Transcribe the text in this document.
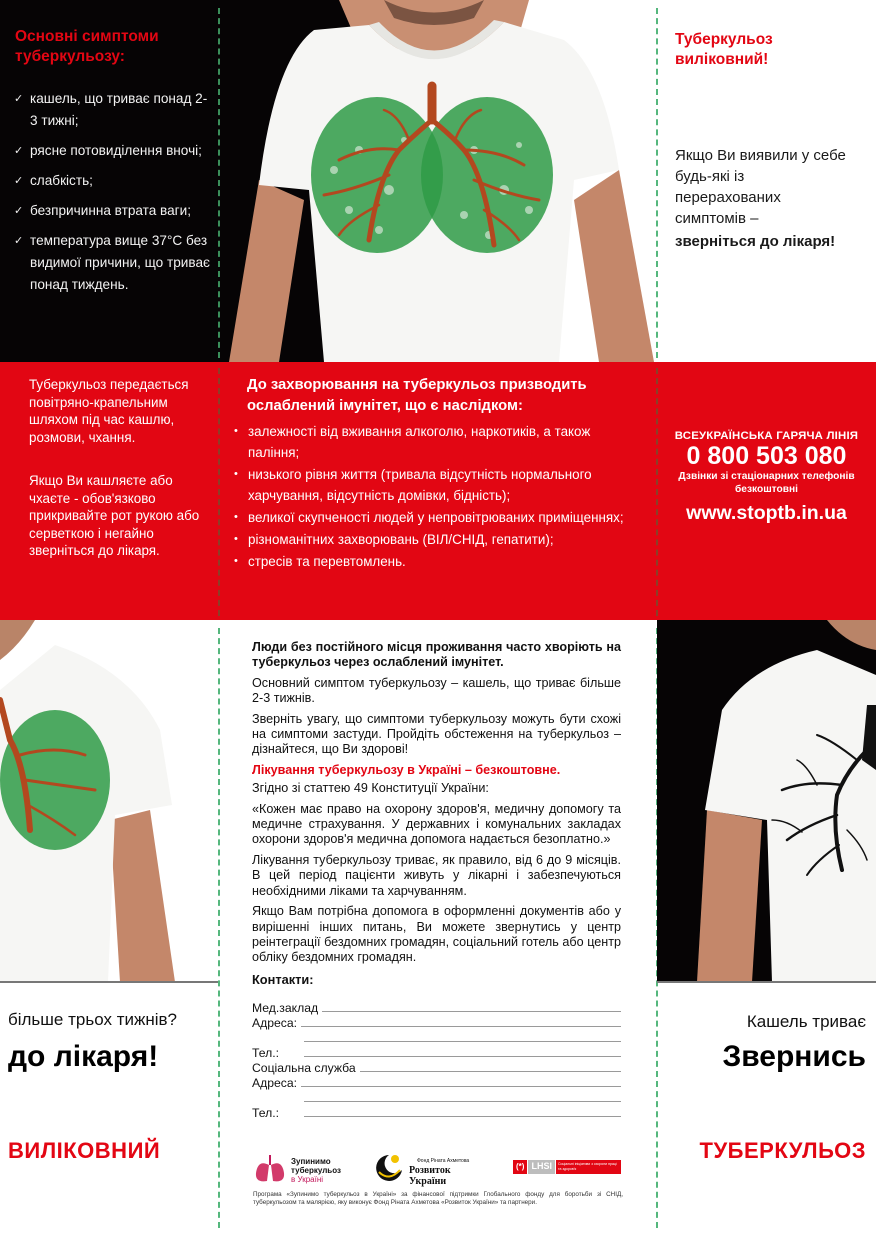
Основні симптоми туберкульозу:
✓ кашель, що триває понад 2-3 тижні;
✓ рясне потовиділення вночі;
✓ слабкість;
✓ безпричинна втрата ваги;
✓ температура вище 37°С без видимої причини, що триває понад тиждень.
Туберкульоз виліковний!
Якщо Ви виявили у себе будь-які із перерахованих симптомів –
зверніться до лікаря!
Туберкульоз передається повітряно-крапельним шляхом під час кашлю, розмови, чхання.
Якщо Ви кашляєте або чхаєте - обов'язково прикривайте рот рукою або серветкою і негайно зверніться до лікаря.
До захворювання на туберкульоз призводить ослаблений імунітет, що є наслідком:
• залежності від вживання алкоголю, наркотиків, а також паління;
• низького рівня життя (тривала відсутність нормального харчування, відсутність домівки, бідність);
• великої скупченості людей у непровітрюваних приміщеннях;
• різноманітних захворювань (ВІЛ/СНІД, гепатити);
• стресів та перевтомлень.
ВСЕУКРАЇНСЬКА ГАРЯЧА ЛІНІЯ
0 800 503 080
Дзвінки зі стаціонарних телефонів безкоштовні
www.stoptb.in.ua
більше трьох тижнів?
до лікаря!
ВИЛІКОВНИЙ

Люди без постійного місця проживання часто хворіють на туберкульоз через ослаблений імунітет.

Основний симптом туберкульозу – кашель, що триває більше 2-3 тижнів.

Зверніть увагу, що симптоми туберкульозу можуть бути схожі на симптоми застуди. Пройдіть обстеження на туберкульоз – дізнайтеся, що Ви здорові!

Лікування туберкульозу в Україні – безкоштовне.

Згідно зі статтею 49 Конституції України:

«Кожен має право на охорону здоров'я, медичну допомогу та медичне страхування. У державних і комунальних закладах охорони здоров'я медична допомога надається безоплатно.»

Лікування туберкульозу триває, як правило, від 6 до 9 місяців. В цей період пацієнти живуть у лікарні і забезпечуються необхідними ліками та харчуванням.

Якщо Вам потрібна допомога в оформленні документів або у вирішенні інших питань, Ви можете звернутись у центр реінтеграції бездомних громадян, соціальний готель або центр обліку бездомних громадян.

Контакти:
Мед.заклад
Адреса:
Тел.:
Соціальна служба
Адреса:
Тел.:
Зупинимо
туберкульоз
в Україні
Фонд Ріната Ахметова
Розвиток України
(*) LHSI	Соціальні ініціативи з охорони праці та здоров'я
Програма «Зупинимо туберкульоз в Україні» за фінансової підтримки Глобального фонду для боротьби зі СНІД, туберкульозом та малярією, яку виконує Фонд Ріната Ахметова «Розвиток України» та партнери.
Кашель триває
Звернись
ТУБЕРКУЛЬОЗ
